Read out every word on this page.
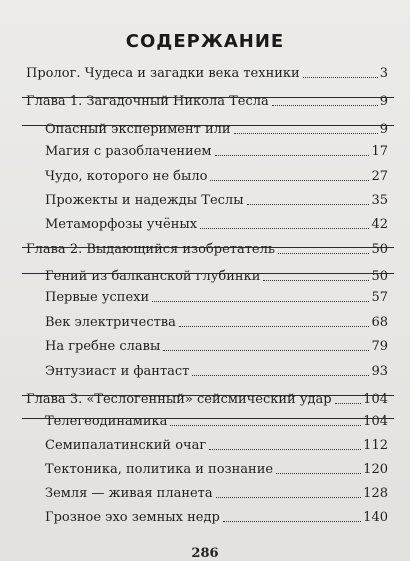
СОДЕРЖАНИЕ
Пролог. Чудеса и загадки века техники	3
Глава 1. Загадочный Никола Тесла	9
Опасный эксперимент или	9
Магия с разоблачением	17
Чудо, которого не было	27
Прожекты и надежды Теслы	35
Метаморфозы учёных	42
Глава 2. Выдающийся изобретатель	50
Гений из балканской глубинки	50
Первые успехи	57
Век электричества	68
На гребне славы	79
Энтузиаст и фантаст	93
Глава 3. «Теслогенный» сейсмический удар 104
Телегеодинамика	104
Семипалатинский очаг	112
Тектоника, политика и познание	120
Земля — живая планета	128
Грозное эхо земных недр	140
286
